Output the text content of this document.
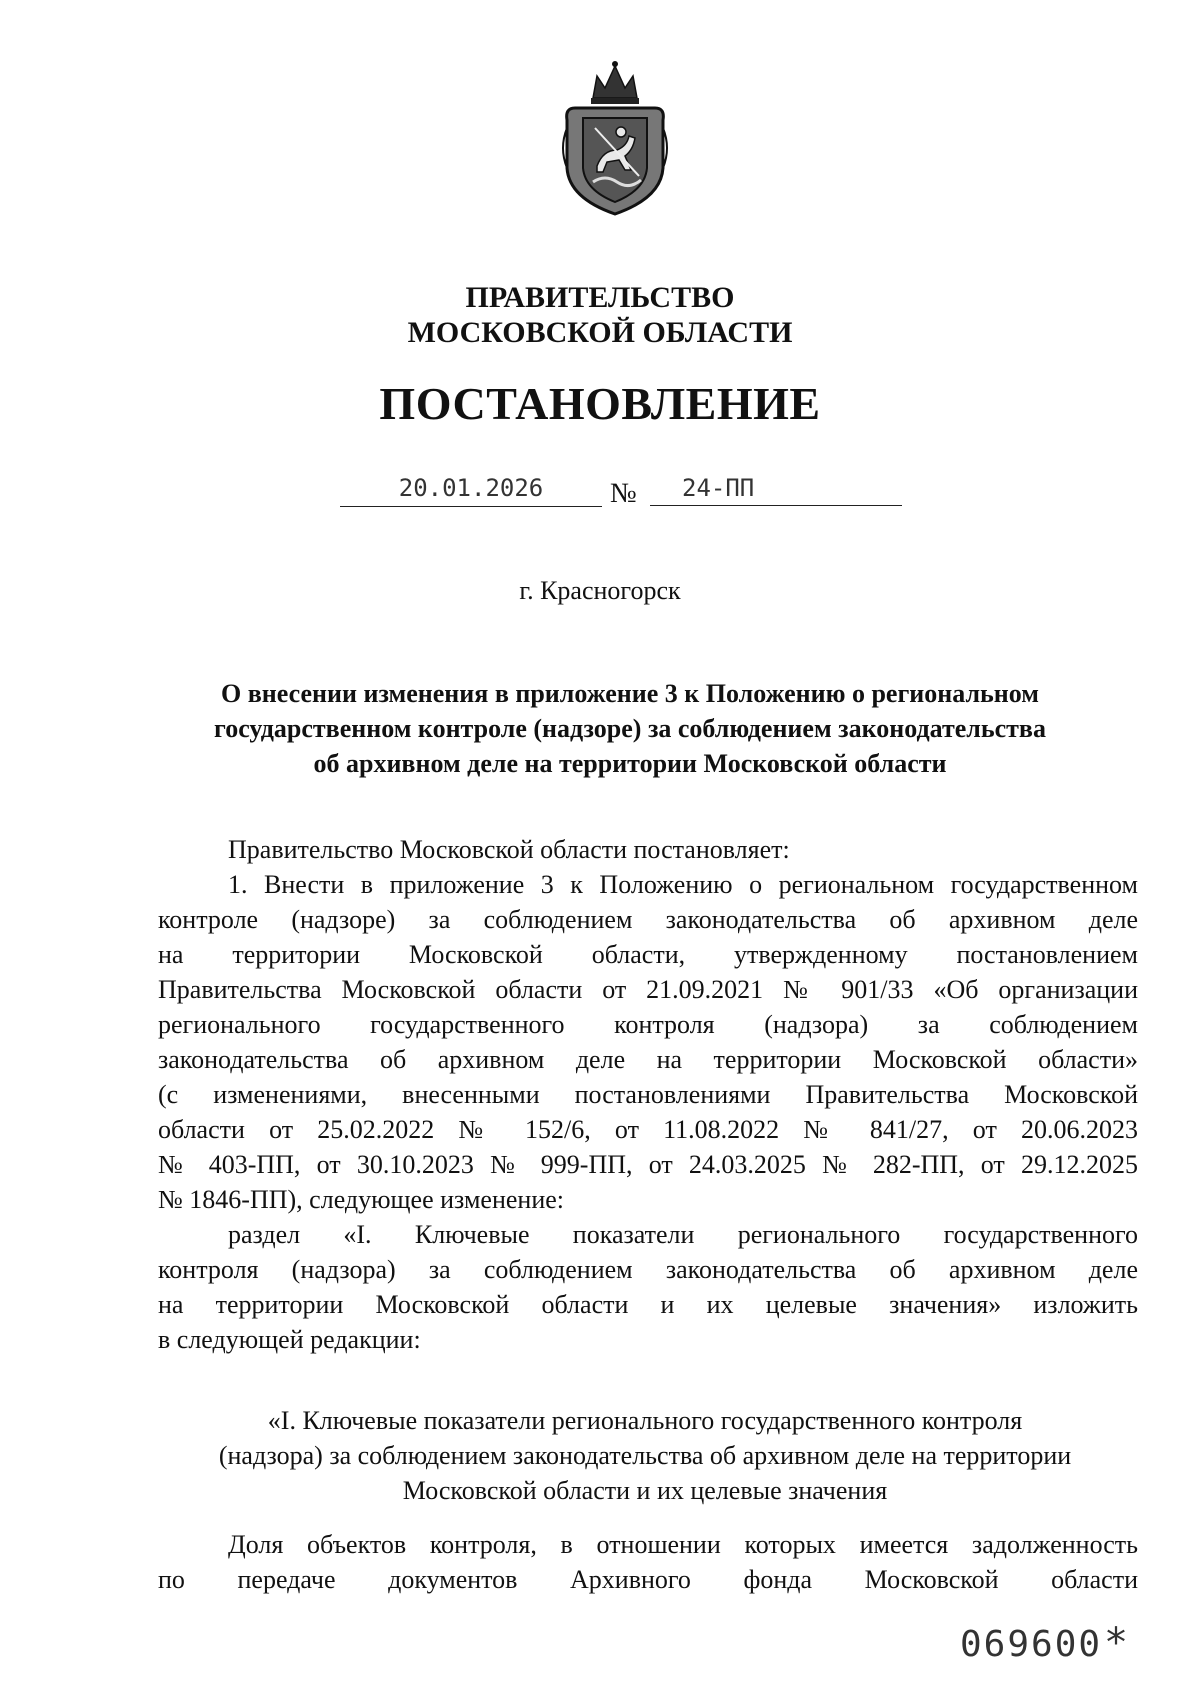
ПРАВИТЕЛЬСТВО
МОСКОВСКОЙ ОБЛАСТИ
ПОСТАНОВЛЕНИЕ
20.01.2026	№	24-ПП
г. Красногорск
О внесении изменения в приложение 3 к Положению о региональном
государственном контроле (надзоре) за соблюдением законодательства
об архивном деле на территории Московской области
Правительство Московской области постановляет:
1. Внести в приложение 3 к Положению о региональном государственном
контроле (надзоре) за соблюдением законодательства об архивном деле
на территории Московской области, утвержденному постановлением
Правительства Московской области от 21.09.2021 № 901/33 «Об организации
регионального государственного контроля (надзора) за соблюдением
законодательства об архивном деле на территории Московской области»
(с изменениями, внесенными постановлениями Правительства Московской
области от 25.02.2022 № 152/6, от 11.08.2022 № 841/27, от 20.06.2023
№ 403-ПП, от 30.10.2023 № 999-ПП, от 24.03.2025 № 282-ПП, от 29.12.2025
№ 1846-ПП), следующее изменение:
раздел «I. Ключевые показатели регионального государственного
контроля (надзора) за соблюдением законодательства об архивном деле
на территории Московской области и их целевые значения» изложить
в следующей редакции:
«I. Ключевые показатели регионального государственного контроля
(надзора) за соблюдением законодательства об архивном деле на территории
Московской области и их целевые значения
Доля объектов контроля, в отношении которых имеется задолженность
по передаче документов Архивного фонда Московской области
069600 *
